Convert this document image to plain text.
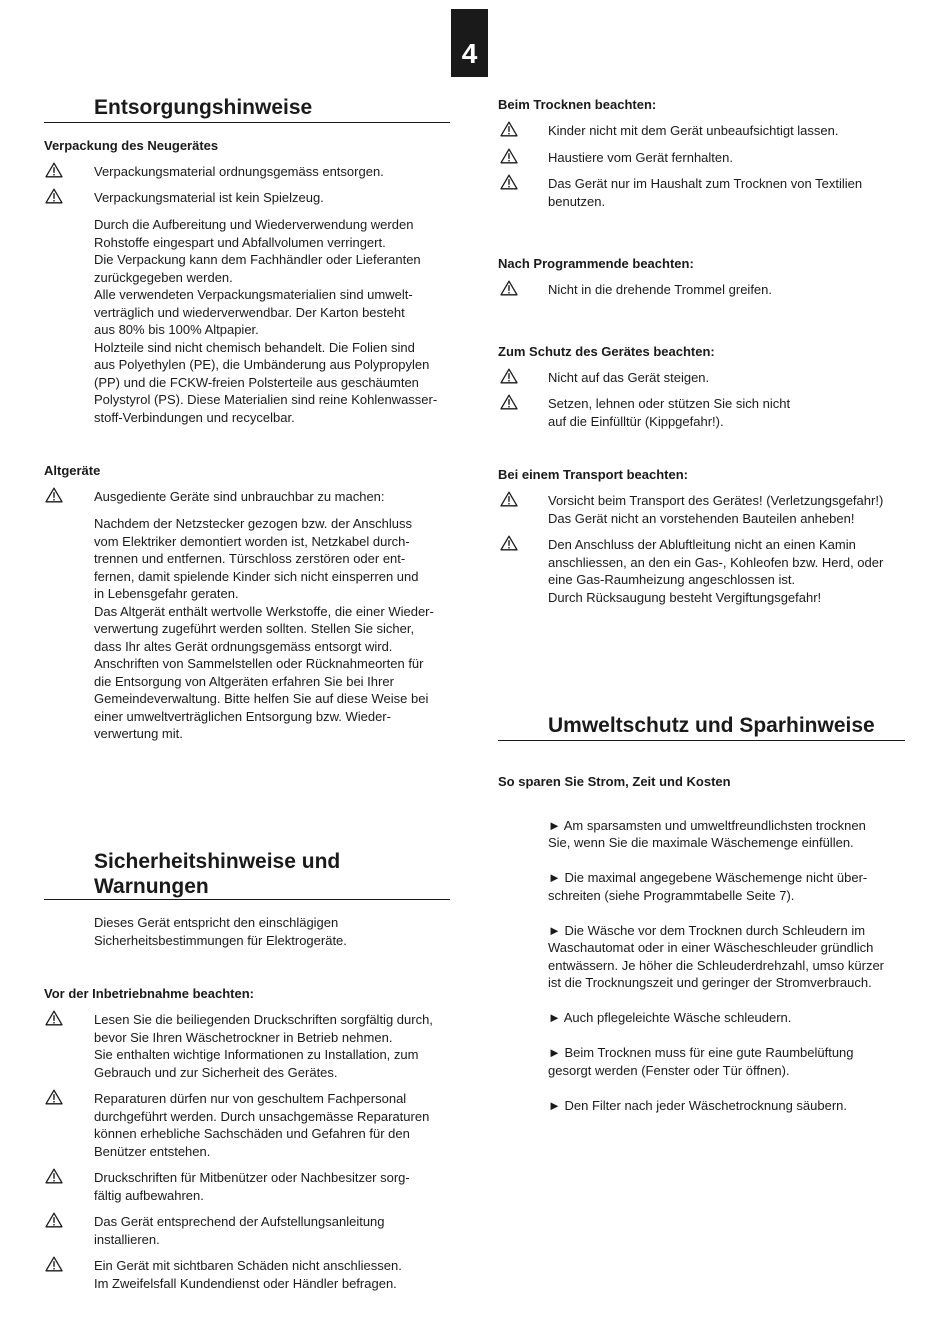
4
Entsorgungshinweise
Verpackung des Neugerätes
Verpackungsmaterial ordnungsgemäss entsorgen.
Verpackungsmaterial ist kein Spielzeug.
Durch die Aufbereitung und Wiederverwendung werden
Rohstoffe eingespart und Abfallvolumen verringert.
Die Verpackung kann dem Fachhändler oder Lieferanten
zurückgegeben werden.
Alle verwendeten Verpackungsmaterialien sind umwelt-
verträglich und wiederverwendbar. Der Karton besteht
aus 80% bis 100% Altpapier.
Holzteile sind nicht chemisch behandelt. Die Folien sind
aus Polyethylen (PE), die Umbänderung aus Polypropylen
(PP) und die FCKW-freien Polsterteile aus geschäumten
Polystyrol (PS). Diese Materialien sind reine Kohlenwasser-
stoff-Verbindungen und recycelbar.
Altgeräte
Ausgediente Geräte sind unbrauchbar zu machen:
Nachdem der Netzstecker gezogen bzw. der Anschluss
vom Elektriker demontiert worden ist, Netzkabel durch-
trennen und entfernen. Türschloss zerstören oder ent-
fernen, damit spielende Kinder sich nicht einsperren und
in Lebensgefahr geraten.
Das Altgerät enthält wertvolle Werkstoffe, die einer Wieder-
verwertung zugeführt werden sollten. Stellen Sie sicher,
dass Ihr altes Gerät ordnungsgemäss entsorgt wird.
Anschriften von Sammelstellen oder Rücknahmeorten für
die Entsorgung von Altgeräten erfahren Sie bei Ihrer
Gemeindeverwaltung. Bitte helfen Sie auf diese Weise bei
einer umweltverträglichen Entsorgung bzw. Wieder-
verwertung mit.
Sicherheitshinweise und
Warnungen
Dieses Gerät entspricht den einschlägigen
Sicherheitsbestimmungen für Elektrogeräte.
Vor der Inbetriebnahme beachten:
Lesen Sie die beiliegenden Druckschriften sorgfältig durch,
bevor Sie Ihren Wäschetrockner in Betrieb nehmen.
Sie enthalten wichtige Informationen zu Installation, zum
Gebrauch und zur Sicherheit des Gerätes.
Reparaturen dürfen nur von geschultem Fachpersonal
durchgeführt werden. Durch unsachgemässe Reparaturen
können erhebliche Sachschäden und Gefahren für den
Benützer entstehen.
Druckschriften für Mitbenützer oder Nachbesitzer sorg-
fältig aufbewahren.
Das Gerät entsprechend der Aufstellungsanleitung
installieren.
Ein Gerät mit sichtbaren Schäden nicht anschliessen.
Im Zweifelsfall Kundendienst oder Händler befragen.
Beim Trocknen beachten:
Kinder nicht mit dem Gerät unbeaufsichtigt lassen.
Haustiere vom Gerät fernhalten.
Das Gerät nur im Haushalt zum Trocknen von Textilien
benutzen.
Nach Programmende beachten:
Nicht in die drehende Trommel greifen.
Zum Schutz des Gerätes beachten:
Nicht auf das Gerät steigen.
Setzen, lehnen oder stützen Sie sich nicht
auf die Einfülltür (Kippgefahr!).
Bei einem Transport beachten:
Vorsicht beim Transport des Gerätes! (Verletzungsgefahr!)
Das Gerät nicht an vorstehenden Bauteilen anheben!
Den Anschluss der Abluftleitung nicht an einen Kamin
anschliessen, an den ein Gas-, Kohleofen bzw. Herd, oder
eine Gas-Raumheizung angeschlossen ist.
Durch Rücksaugung besteht Vergiftungsgefahr!
Umweltschutz und Sparhinweise
So sparen Sie Strom, Zeit und Kosten

► Am sparsamsten und umweltfreundlichsten trocknen
Sie, wenn Sie die maximale Wäschemenge einfüllen.

► Die maximal angegebene Wäschemenge nicht über-
schreiten (siehe Programmtabelle Seite 7).

► Die Wäsche vor dem Trocknen durch Schleudern im
Waschautomat oder in einer Wäscheschleuder gründlich
entwässern. Je höher die Schleuderdrehzahl, umso kürzer
ist die Trocknungszeit und geringer der Stromverbrauch.

► Auch pflegeleichte Wäsche schleudern.

► Beim Trocknen muss für eine gute Raumbelüftung
gesorgt werden (Fenster oder Tür öffnen).

► Den Filter nach jeder Wäschetrocknung säubern.
